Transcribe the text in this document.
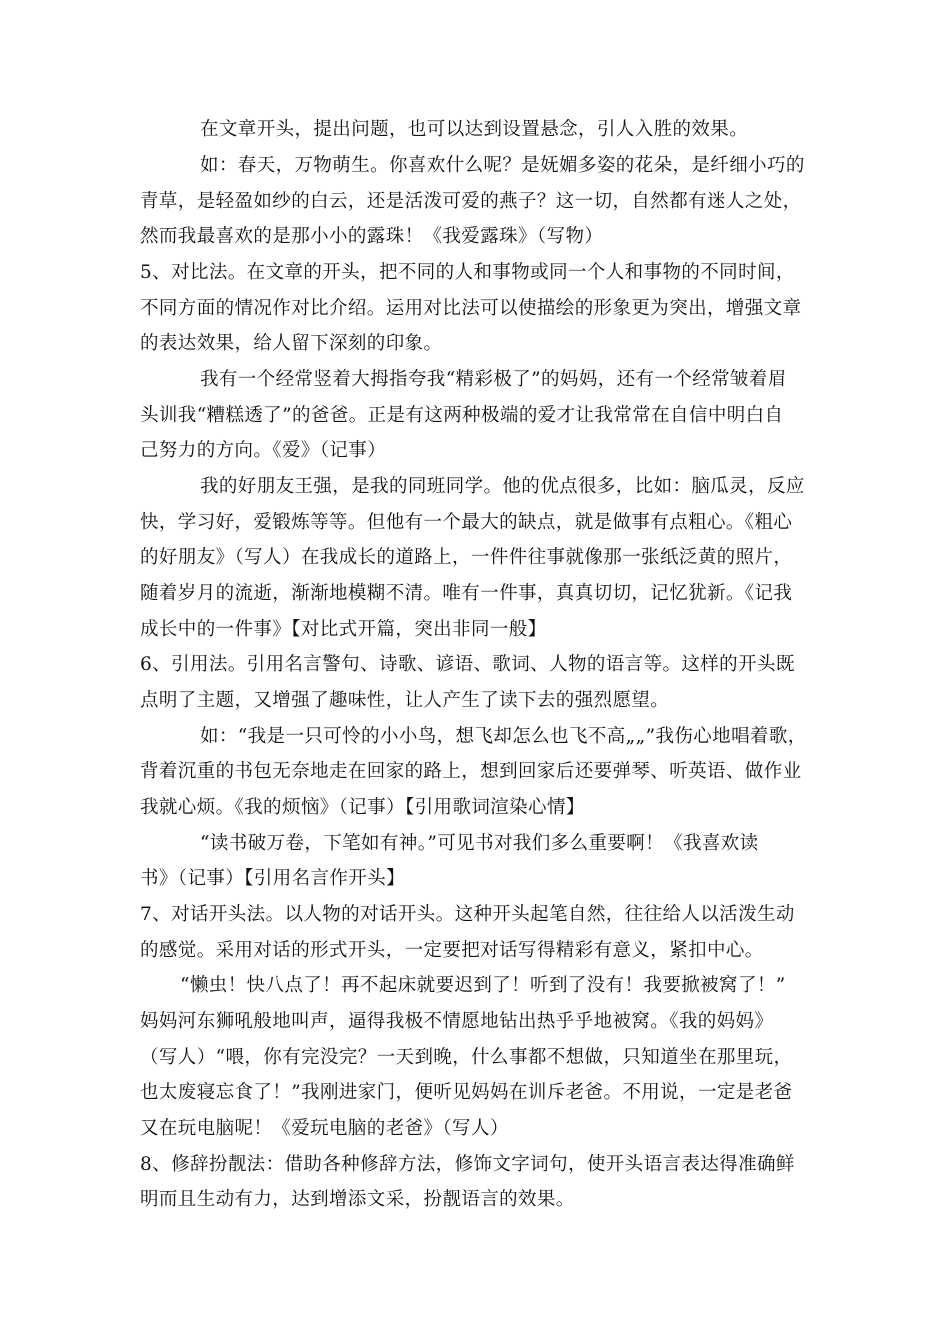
在文章开头，提出问题，也可以达到设置悬念，引人入胜的效果。
如：春天，万物萌生。你喜欢什么呢？是妩媚多姿的花朵，是纤细小巧的
青草，是轻盈如纱的白云，还是活泼可爱的燕子？这一切，自然都有迷人之处，
然而我最喜欢的是那小小的露珠！《我爱露珠》（写物）
5、对比法。在文章的开头，把不同的人和事物或同一个人和事物的不同时间，
不同方面的情况作对比介绍。运用对比法可以使描绘的形象更为突出，增强文章
的表达效果，给人留下深刻的印象。
我有一个经常竖着大拇指夸我“精彩极了”的妈妈，还有一个经常皱着眉
头训我“糟糕透了”的爸爸。正是有这两种极端的爱才让我常常在自信中明白自
己努力的方向。《爱》（记事）
我的好朋友王强，是我的同班同学。他的优点很多，比如：脑瓜灵，反应
快，学习好，爱锻炼等等。但他有一个最大的缺点，就是做事有点粗心。《粗心
的好朋友》（写人）在我成长的道路上，一件件往事就像那一张纸泛黄的照片，
随着岁月的流逝，渐渐地模糊不清。唯有一件事，真真切切，记忆犹新。《记我
成长中的一件事》【对比式开篇，突出非同一般】
6、引用法。引用名言警句、诗歌、谚语、歌词、人物的语言等。这样的开头既
点明了主题，又增强了趣味性，让人产生了读下去的强烈愿望。
如：“我是一只可怜的小小鸟，想飞却怎么也飞不高„„”我伤心地唱着歌，
背着沉重的书包无奈地走在回家的路上，想到回家后还要弹琴、听英语、做作业
我就心烦。《我的烦恼》（记事）【引用歌词渲染心情】
“读书破万卷，下笔如有神。”可见书对我们多么重要啊！《我喜欢读
书》（记事）【引用名言作开头】
7、对话开头法。以人物的对话开头。这种开头起笔自然，往往给人以活泼生动
的感觉。采用对话的形式开头，一定要把对话写得精彩有意义，紧扣中心。
“懒虫！快八点了！再不起床就要迟到了！听到了没有！我要掀被窝了！”
妈妈河东狮吼般地叫声，逼得我极不情愿地钻出热乎乎地被窝。《我的妈妈》
（写人）“喂，你有完没完？一天到晚，什么事都不想做，只知道坐在那里玩，
也太废寝忘食了！”我刚进家门，便听见妈妈在训斥老爸。不用说，一定是老爸
又在玩电脑呢！《爱玩电脑的老爸》（写人）
8、修辞扮靓法：借助各种修辞方法，修饰文字词句，使开头语言表达得准确鲜
明而且生动有力，达到增添文采，扮靓语言的效果。
